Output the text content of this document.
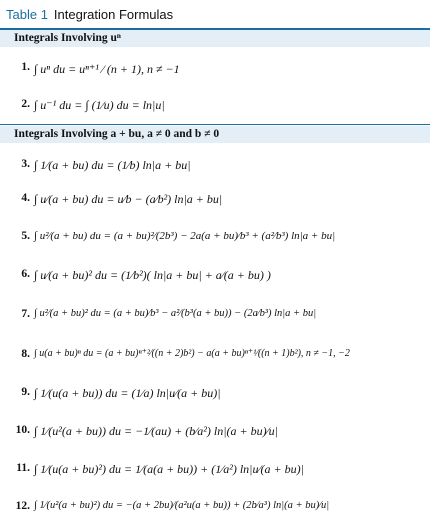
Table 1 Integration Formulas
Integrals Involving uⁿ
1. ∫ uⁿ du = uⁿ⁺¹ ⁄ (n + 1), n ≠ −1
2. ∫ u⁻¹ du = ∫ (1⁄u) du = ln|u|
Integrals Involving a + bu, a ≠ 0 and b ≠ 0
3. ∫ 1⁄(a + bu) du = (1⁄b) ln|a + bu|
4. ∫ u⁄(a + bu) du = u⁄b − (a⁄b²) ln|a + bu|
5. ∫ u²⁄(a + bu) du = (a + bu)²⁄(2b³) − 2a(a + bu)⁄b³ + (a²⁄b³) ln|a + bu|
6. ∫ u⁄(a + bu)² du = (1⁄b²)( ln|a + bu| + a⁄(a + bu) )
7. ∫ u²⁄(a + bu)² du = (a + bu)⁄b³ − a²⁄(b³(a + bu)) − (2a⁄b³) ln|a + bu|
8. ∫ u(a + bu)ⁿ du = (a + bu)ⁿ⁺²⁄((n + 2)b²) − a(a + bu)ⁿ⁺¹⁄((n + 1)b²), n ≠ −1, −2
9. ∫ 1⁄(u(a + bu)) du = (1⁄a) ln|u⁄(a + bu)|
10. ∫ 1⁄(u²(a + bu)) du = −1⁄(au) + (b⁄a²) ln|(a + bu)⁄u|
11. ∫ 1⁄(u(a + bu)²) du = 1⁄(a(a + bu)) + (1⁄a²) ln|u⁄(a + bu)|
12. ∫ 1⁄(u²(a + bu)²) du = −(a + 2bu)⁄(a²u(a + bu)) + (2b⁄a³) ln|(a + bu)⁄u|
